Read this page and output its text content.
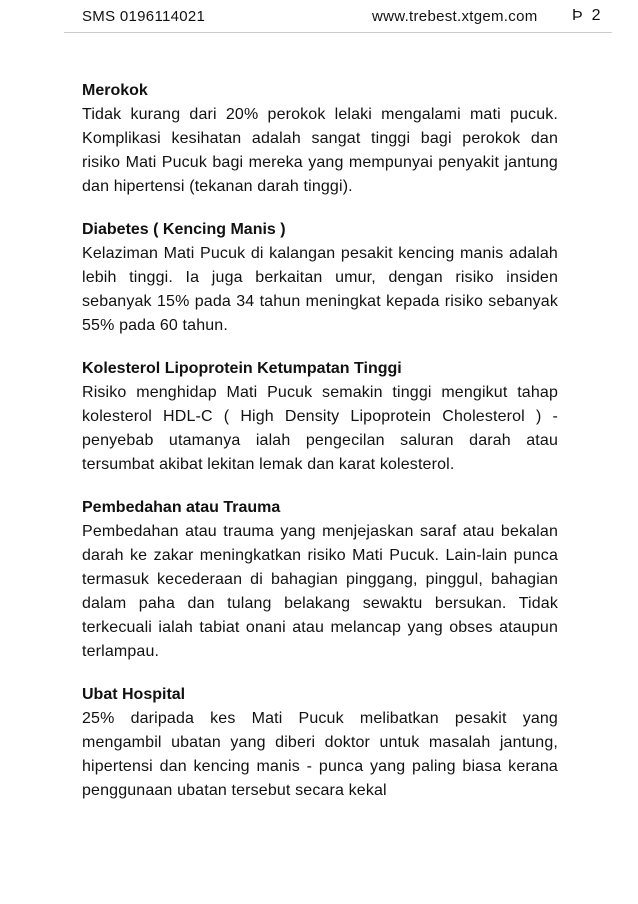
SMS 0196114021	www.trebest.xtgem.com Þ  2

Merokok

Tidak kurang dari 20% perokok lelaki mengalami mati pucuk. Komplikasi kesihatan adalah sangat tinggi bagi perokok dan risiko Mati Pucuk bagi mereka yang mempunyai penyakit jantung dan hipertensi (tekanan darah tinggi).

Diabetes ( Kencing Manis )

Kelaziman Mati Pucuk di kalangan pesakit kencing manis adalah lebih tinggi. Ia juga berkaitan umur, dengan risiko insiden sebanyak 15% pada 34 tahun meningkat kepada risiko sebanyak 55% pada 60 tahun.

Kolesterol Lipoprotein Ketumpatan Tinggi

Risiko menghidap Mati Pucuk semakin tinggi mengikut tahap kolesterol HDL-C ( High Density Lipoprotein Cholesterol ) - penyebab utamanya ialah pengecilan saluran darah atau tersumbat akibat lekitan lemak dan karat kolesterol.

Pembedahan atau Trauma

Pembedahan atau trauma yang menjejaskan saraf atau bekalan darah ke zakar meningkatkan risiko Mati Pucuk. Lain-lain punca termasuk kecederaan di bahagian pinggang, pinggul, bahagian dalam paha dan tulang belakang sewaktu bersukan. Tidak terkecuali ialah tabiat onani atau melancap yang obses ataupun terlampau.

Ubat Hospital

25% daripada kes Mati Pucuk melibatkan pesakit yang mengambil ubatan yang diberi doktor untuk masalah jantung, hipertensi dan kencing manis - punca yang paling biasa kerana penggunaan ubatan tersebut secara kekal
